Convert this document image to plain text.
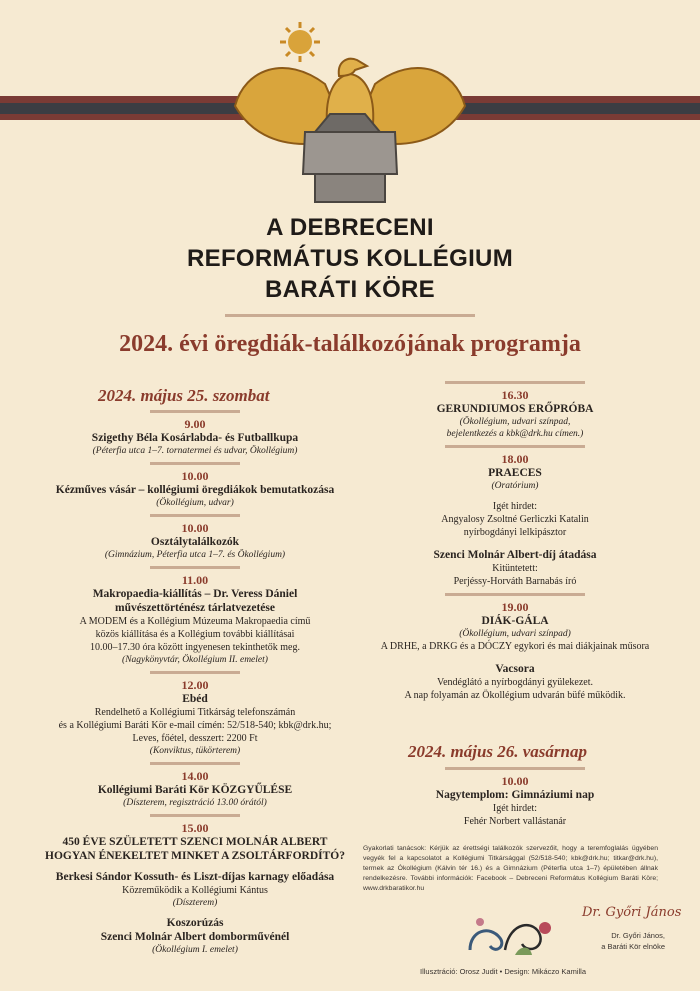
A DEBRECENI
REFORMÁTUS KOLLÉGIUM
BARÁTI KÖRE
2024. évi öregdiák-találkozójának programja
2024. május 25. szombat
9.00
Szigethy Béla Kosárlabda- és Futballkupa
(Péterfia utca 1–7. tornatermei és udvar, Ökollégium)
10.00
Kézműves vásár – kollégiumi öregdiákok bemutatkozása
(Ökollégium, udvar)
10.00
Osztálytalálkozók
(Gimnázium, Péterfia utca 1–7. és Ökollégium)
11.00
Makropaedia-kiállítás – Dr. Veress Dániel
művészettörténész tárlatvezetése
A MODEM és a Kollégium Múzeuma Makropaedia című
közös kiállítása és a Kollégium további kiállításai
10.00–17.30 óra között ingyenesen tekinthetők meg.
(Nagykönyvtár, Ökollégium II. emelet)
12.00
Ebéd
Rendelhető a Kollégiumi Titkárság telefonszámán
és a Kollégiumi Baráti Kör e-mail címén: 52/518-540; kbk@drk.hu;
Leves, főétel, desszert: 2200 Ft
(Konviktus, tükörterem)
14.00
Kollégiumi Baráti Kör KÖZGYŰLÉSE
(Díszterem, regisztráció 13.00 órától)
15.00
450 ÉVE SZÜLETETT SZENCI MOLNÁR ALBERT
HOGYAN ÉNEKELTET MINKET A ZSOLTÁRFORDÍTÓ?
Berkesi Sándor Kossuth- és Liszt-díjas karnagy előadása
Közreműködik a Kollégiumi Kántus
(Díszterem)
Koszorúzás
Szenci Molnár Albert domborművénél
(Ökollégium I. emelet)
16.30
GERUNDIUMOS ERŐPRÓBA
(Ökollégium, udvari színpad,
bejelentkezés a kbk@drk.hu címen.)
18.00
PRAECES
(Oratórium)
Igét hirdet:
Angyalosy Zsoltné Gerliczki Katalin
nyírbogdányi lelkipásztor
Szenci Molnár Albert-díj átadása
Kitüntetett:
Perjéssy-Horváth Barnabás író
19.00
DIÁK-GÁLA
(Ökollégium, udvari színpad)
A DRHE, a DRKG és a DÓCZY egykori és mai diákjainak műsora
Vacsora
Vendéglátó a nyírbogdányi gyülekezet.
A nap folyamán az Ökollégium udvarán büfé működik.
2024. május 26. vasárnap
10.00
Nagytemplom: Gimnáziumi nap
Igét hirdet:
Fehér Norbert vallástanár
Gyakorlati tanácsok: Kérjük az érettségi találkozók szervezőit, hogy a teremfoglalás ügyében vegyék fel a kapcsolatot a Kollégiumi Titkársággal (52/518-540; kbk@drk.hu; titkar@drk.hu), termek az Ókollégium (Kálvin tér 16.) és a Gimnázium (Péterfia utca 1–7) épületében állnak rendelkezésre. További információk: Facebook – Debreceni Református Kollégium Baráti Köre; www.drkbaratikor.hu
Dr. Győri János
Dr. Győri János,
a Baráti Kör elnöke
Illusztráció: Orosz Judit • Design: Mikáczo Kamilla
